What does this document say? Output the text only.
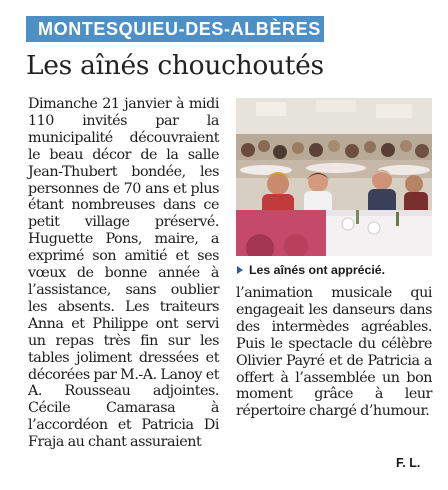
MONTESQUIEU-DES-ALBÈRES
Les aînés chouchoutés

Dimanche 21 janvier à midi 110 invités par la municipalité découvraient le beau décor de la salle Jean-Thubert bondée, les personnes de 70 ans et plus étant nombreuses dans ce petit village préservé. Huguette Pons, maire, a exprimé son amitié et ses vœux de bonne année à l’assistance, sans oublier les absents. Les traiteurs Anna et Philippe ont servi un repas très fin sur les tables joliment dressées et décorées par M.-A. Lanoy et A. Rousseau adjointes. Cécile Camarasa à l’accordéon et Patricia Di Fraja au chant assuraient

Les aînés ont apprécié.

l’animation musicale qui engageait les danseurs dans des intermèdes agréables. Puis le spectacle du célèbre Olivier Payré et de Patricia a offert à l’assemblée un bon moment grâce à leur répertoire chargé d’humour.

F. L.
